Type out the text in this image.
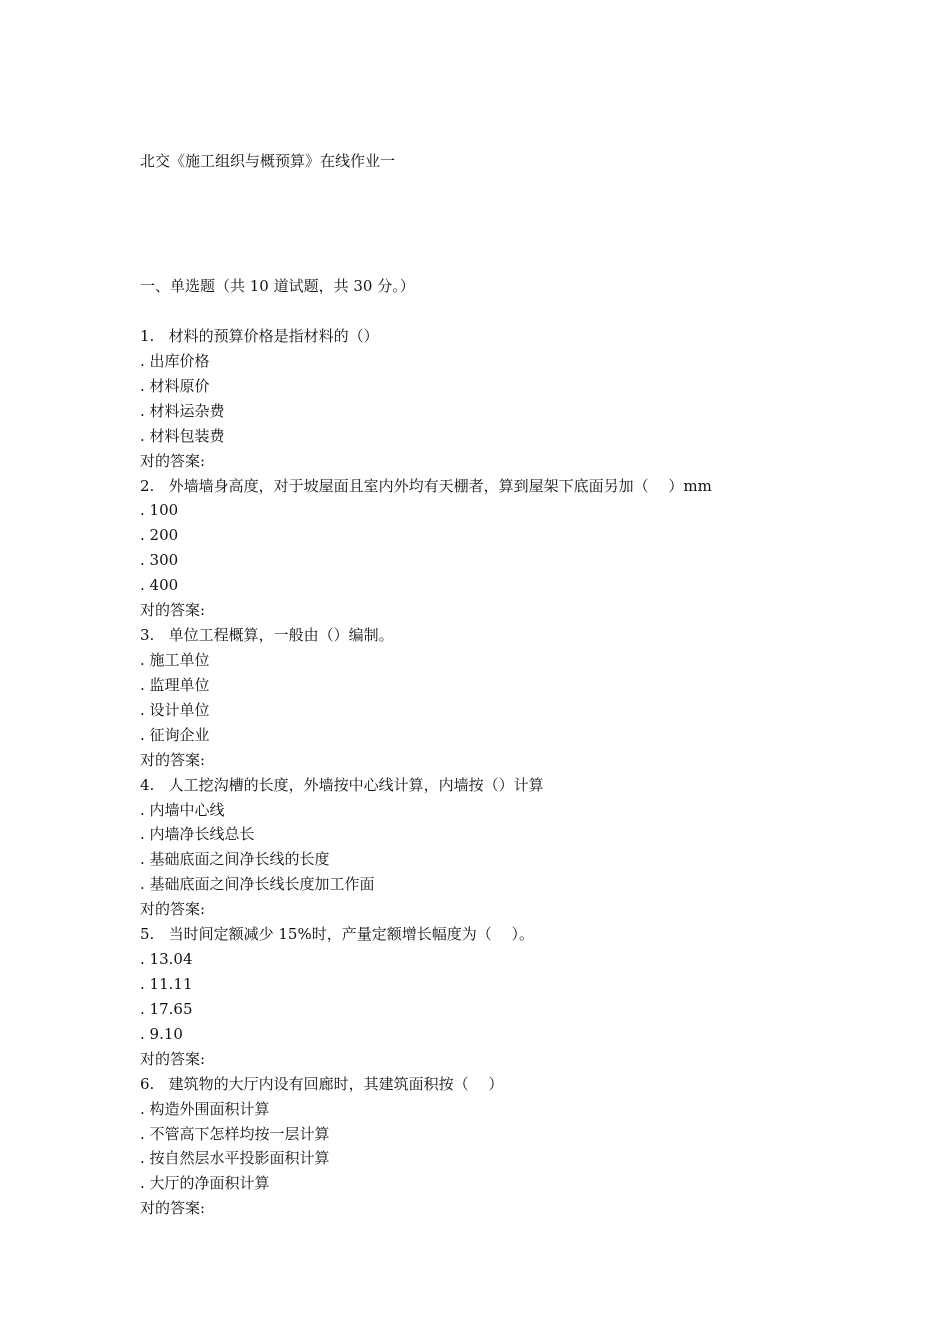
北交《施工组织与概预算》在线作业一
一、单选题（共 10 道试题，共 30 分。）
1. 材料的预算价格是指材料的（）
. 出库价格
. 材料原价
. 材料运杂费
. 材料包装费
对的答案:
2. 外墙墙身高度，对于坡屋面且室内外均有天棚者，算到屋架下底面另加（　 ）mm
. 100
. 200
. 300
. 400
对的答案:
3. 单位工程概算，一般由（）编制。
. 施工单位
. 监理单位
. 设计单位
. 征询企业
对的答案:
4. 人工挖沟槽的长度，外墙按中心线计算，内墙按（）计算
. 内墙中心线
. 内墙净长线总长
. 基础底面之间净长线的长度
. 基础底面之间净长线长度加工作面
对的答案:
5. 当时间定额减少 15%时，产量定额增长幅度为（　 ）。
. 13.04
. 11.11
. 17.65
. 9.10
对的答案:
6. 建筑物的大厅内设有回廊时，其建筑面积按（　 ）
. 构造外围面积计算
. 不管高下怎样均按一层计算
. 按自然层水平投影面积计算
. 大厅的净面积计算
对的答案:
